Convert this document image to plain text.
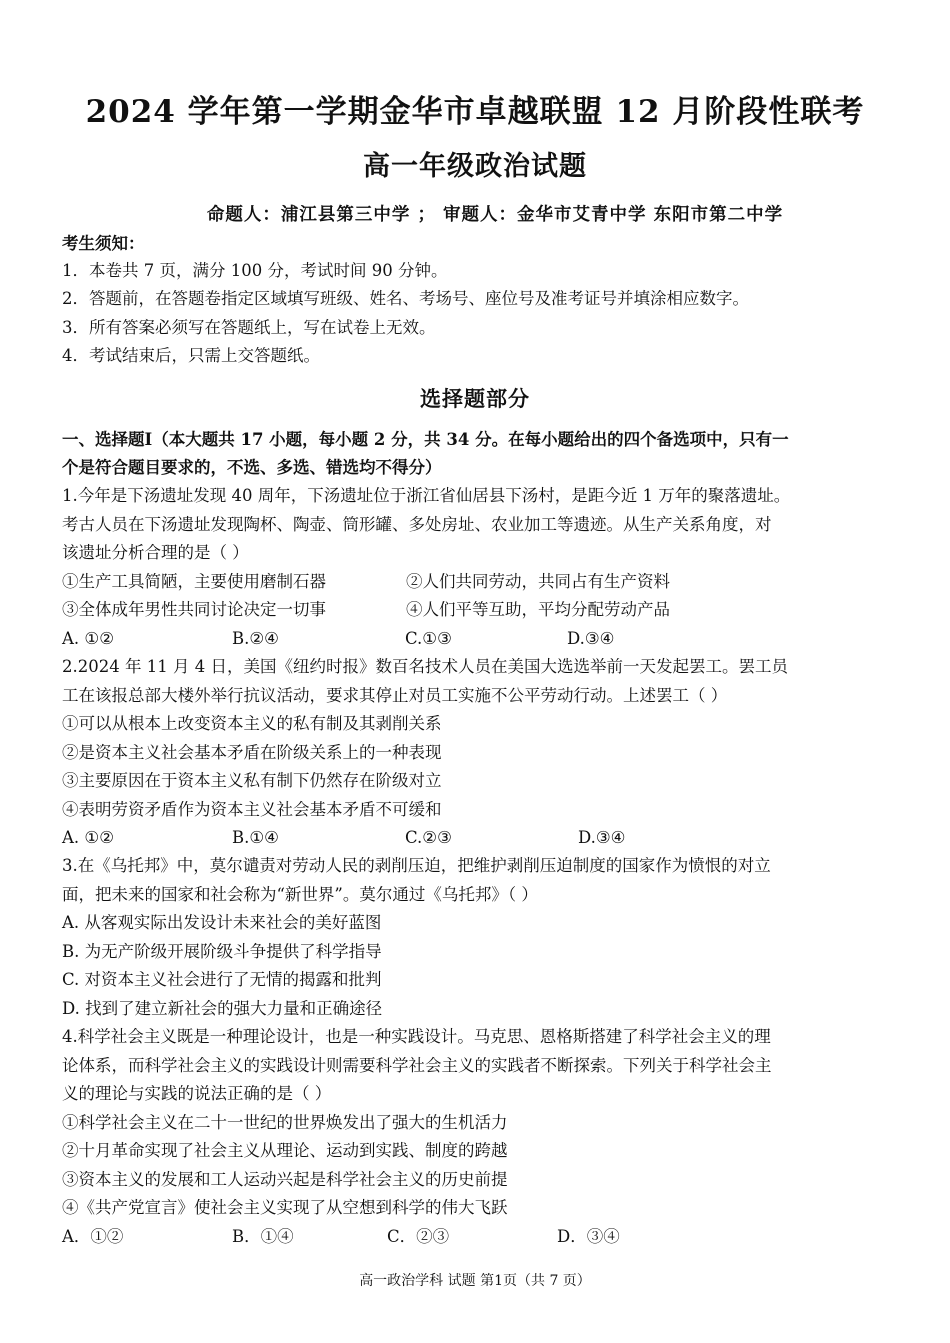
2024 学年第一学期金华市卓越联盟 12 月阶段性联考
高一年级政治试题
命题人：浦江县第三中学 ； 审题人：金华市艾青中学 东阳市第二中学
考生须知：
1．本卷共 7 页，满分 100 分，考试时间 90 分钟。
2．答题前，在答题卷指定区域填写班级、姓名、考场号、座位号及准考证号并填涂相应数字。
3．所有答案必须写在答题纸上，写在试卷上无效。
4．考试结束后，只需上交答题纸。
选择题部分
一、选择题Ⅰ（本大题共 17 小题，每小题 2 分，共 34 分。在每小题给出的四个备选项中，只有一
个是符合题目要求的，不选、多选、错选均不得分）
1.今年是下汤遗址发现 40 周年，下汤遗址位于浙江省仙居县下汤村，是距今近 1 万年的聚落遗址。
考古人员在下汤遗址发现陶杯、陶壶、筒形罐、多处房址、农业加工等遗迹。从生产关系角度，对
该遗址分析合理的是（ ）
①生产工具简陋，主要使用磨制石器	②人们共同劳动，共同占有生产资料
③全体成年男性共同讨论决定一切事	④人们平等互助，平均分配劳动产品
A. ①②	B.②④	C.①③	D.③④
2.2024 年 11 月 4 日，美国《纽约时报》数百名技术人员在美国大选选举前一天发起罢工。罢工员
工在该报总部大楼外举行抗议活动，要求其停止对员工实施不公平劳动行动。上述罢工（ ）
①可以从根本上改变资本主义的私有制及其剥削关系
②是资本主义社会基本矛盾在阶级关系上的一种表现
③主要原因在于资本主义私有制下仍然存在阶级对立
④表明劳资矛盾作为资本主义社会基本矛盾不可缓和
A. ①②	B.①④	C.②③	D.③④
3.在《乌托邦》中，莫尔谴责对劳动人民的剥削压迫，把维护剥削压迫制度的国家作为愤恨的对立
面，把未来的国家和社会称为“新世界”。莫尔通过《乌托邦》（ ）
A. 从客观实际出发设计未来社会的美好蓝图
B. 为无产阶级开展阶级斗争提供了科学指导
C. 对资本主义社会进行了无情的揭露和批判
D. 找到了建立新社会的强大力量和正确途径
4.科学社会主义既是一种理论设计，也是一种实践设计。马克思、恩格斯搭建了科学社会主义的理
论体系，而科学社会主义的实践设计则需要科学社会主义的实践者不断探索。下列关于科学社会主
义的理论与实践的说法正确的是（ ）
①科学社会主义在二十一世纪的世界焕发出了强大的生机活力
②十月革命实现了社会主义从理论、运动到实践、制度的跨越
③资本主义的发展和工人运动兴起是科学社会主义的历史前提
④《共产党宣言》使社会主义实现了从空想到科学的伟大飞跃
A．①②	B．①④	C．②③	D．③④
高一政治学科 试题 第1页（共 7 页）
